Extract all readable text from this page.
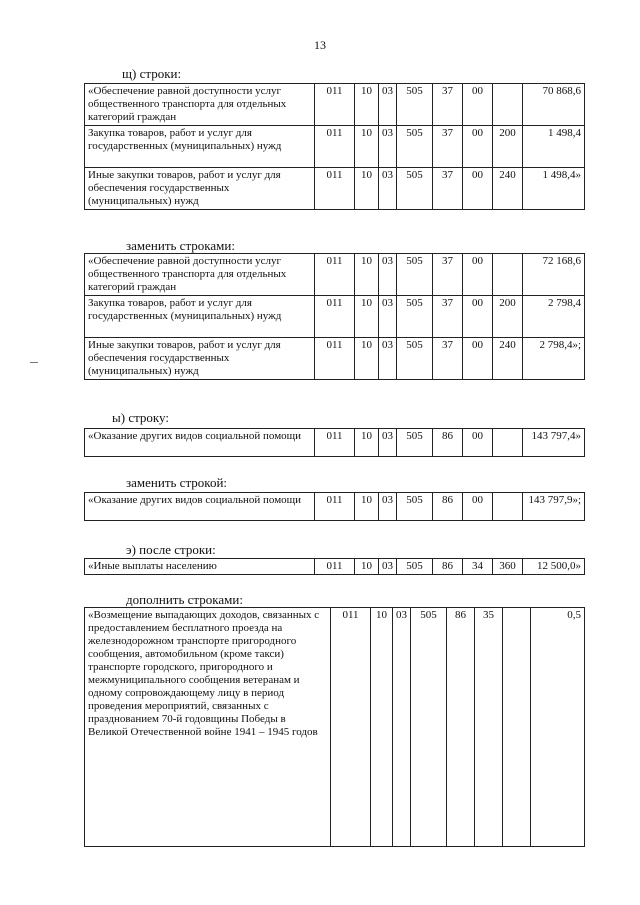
13
щ) строки:
«Обеспечение равной доступности услуг общественного транспорта для отдельных категорий граждан	011	10	03	505	37	00		70 868,6
Закупка товаров, работ и услуг для государственных (муниципальных) нужд	011	10	03	505	37	00	200	1 498,4
Иные закупки товаров, работ и услуг для обеспечения государственных (муниципальных) нужд	011	10	03	505	37	00	240	1 498,4»
заменить строками:
«Обеспечение равной доступности услуг общественного транспорта для отдельных категорий граждан	011	10	03	505	37	00		72 168,6
Закупка товаров, работ и услуг для государственных (муниципальных) нужд	011	10	03	505	37	00	200	2 798,4
Иные закупки товаров, работ и услуг для обеспечения государственных (муниципальных) нужд	011	10	03	505	37	00	240	2 798,4»;
ы) строку:
«Оказание других видов социальной помощи	011	10	03	505	86	00		143 797,4»
заменить строкой:
«Оказание других видов социальной помощи	011	10	03	505	86	00		143 797,9»;
э) после строки:
«Иные выплаты населению	011	10	03	505	86	34	360	12 500,0»
дополнить строками:
«Возмещение выпадающих доходов, связанных с предоставлением бесплатного проезда на железнодорожном транспорте пригородного сообщения, автомобильном (кроме такси) транспорте городского, пригородного и межмуниципального сообщения ветеранам и одному сопровождающему лицу в период проведения мероприятий, связанных с празднованием 70-й годовщины Победы в Великой Отечественной войне 1941 – 1945 годов	011	10	03	505	86	35		0,5
